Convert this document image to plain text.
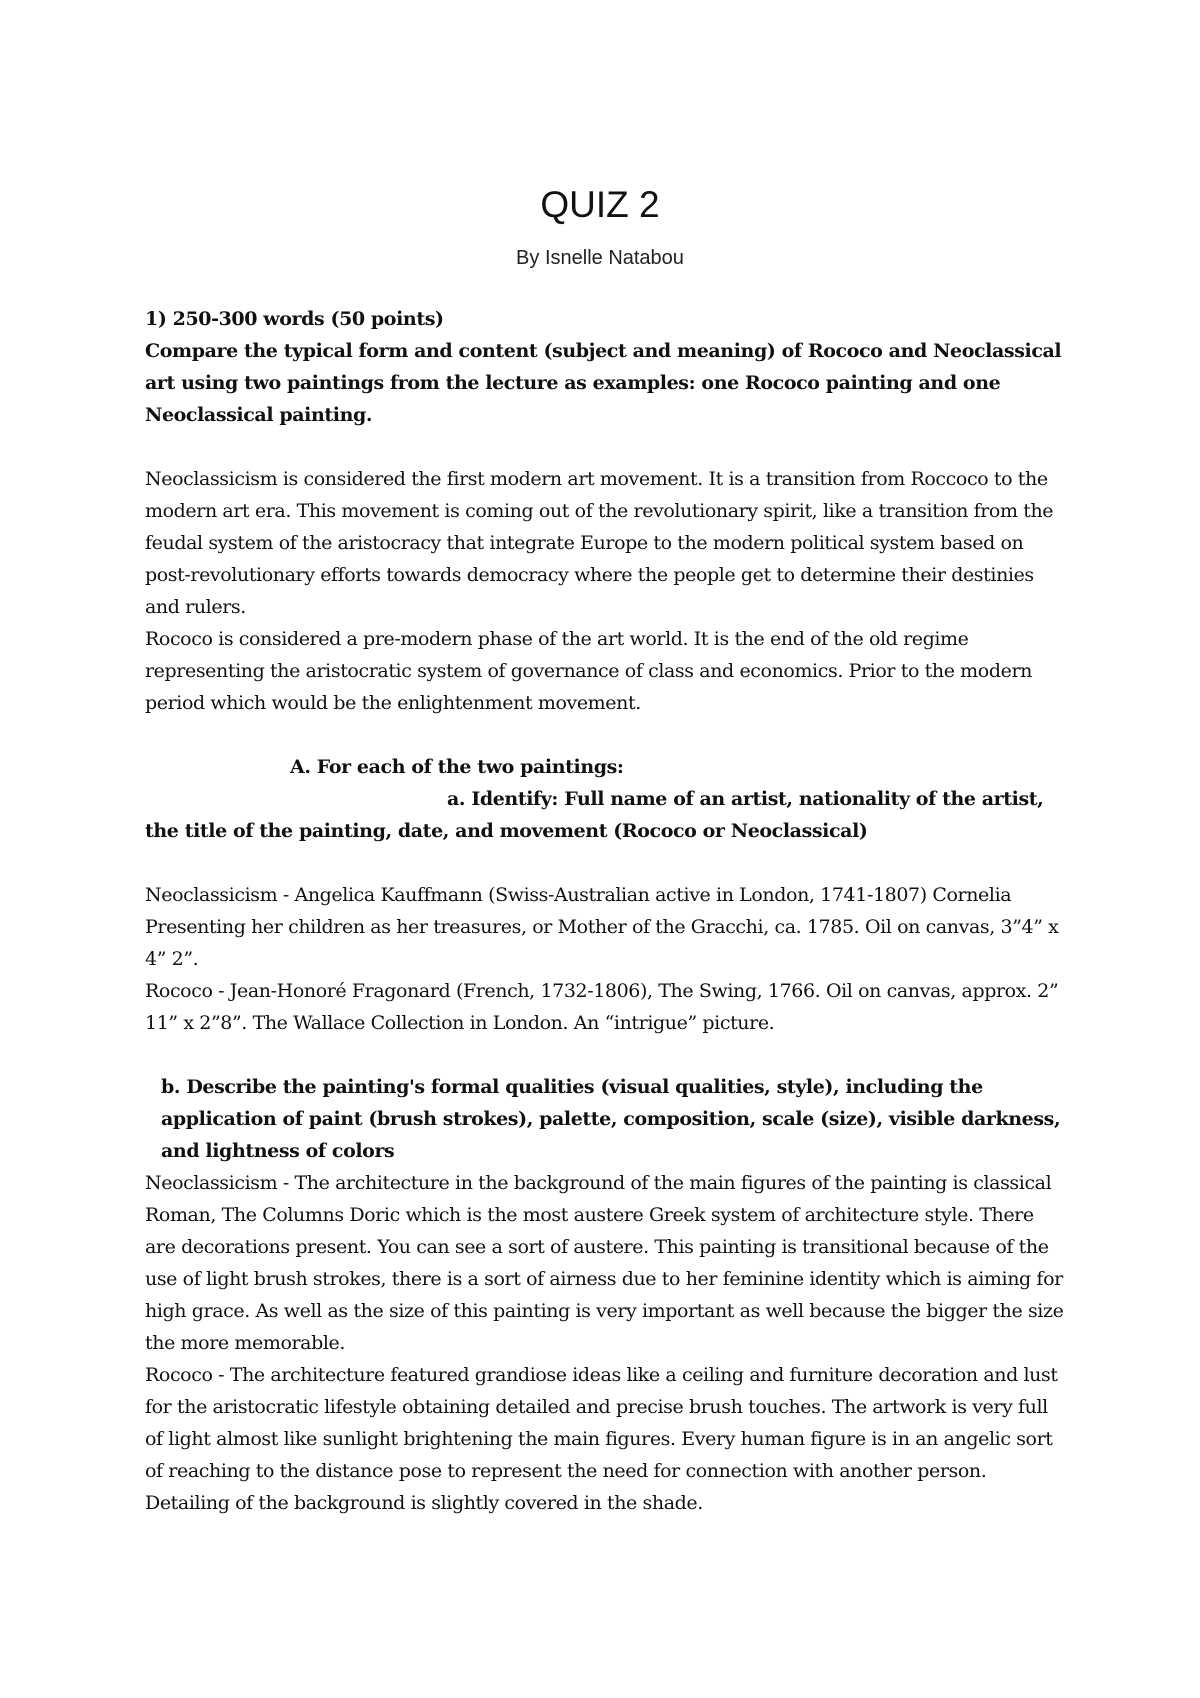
QUIZ 2
By Isnelle Natabou

1) 250-300 words (50 points)

Compare the typical form and content (subject and meaning) of Rococo and Neoclassical art using two paintings from the lecture as examples: one Rococo painting and one Neoclassical painting.

Neoclassicism is considered the first modern art movement. It is a transition from Roccoco to the modern art era. This movement is coming out of the revolutionary spirit, like a transition from the feudal system of the aristocracy that integrate Europe to the modern political system based on post-revolutionary efforts towards democracy where the people get to determine their destinies and rulers.

Rococo is considered a pre-modern phase of the art world. It is the end of the old regime representing the aristocratic system of governance of class and economics. Prior to the modern period which would be the enlightenment movement.

A. For each of the two paintings:

a. Identify: Full name of an artist, nationality of the artist,

the title of the painting, date, and movement (Rococo or Neoclassical)

Neoclassicism - Angelica Kauffmann (Swiss-Australian active in London, 1741-1807) Cornelia Presenting her children as her treasures, or Mother of the Gracchi, ca. 1785. Oil on canvas, 3”4” x 4” 2”.

Rococo - Jean-Honoré Fragonard (French, 1732-1806), The Swing, 1766. Oil on canvas, approx. 2” 11” x 2”8”. The Wallace Collection in London. An “intrigue” picture.

b. Describe the painting's formal qualities (visual qualities, style), including the application of paint (brush strokes), palette, composition, scale (size), visible darkness, and lightness of colors

Neoclassicism - The architecture in the background of the main figures of the painting is classical Roman, The Columns Doric which is the most austere Greek system of architecture style. There are decorations present. You can see a sort of austere. This painting is transitional because of the use of light brush strokes, there is a sort of airness due to her feminine identity which is aiming for high grace. As well as the size of this painting is very important as well because the bigger the size the more memorable.

Rococo - The architecture featured grandiose ideas like a ceiling and furniture decoration and lust for the aristocratic lifestyle obtaining detailed and precise brush touches. The artwork is very full of light almost like sunlight brightening the main figures. Every human figure is in an angelic sort of reaching to the distance pose to represent the need for connection with another person. Detailing of the background is slightly covered in the shade.
